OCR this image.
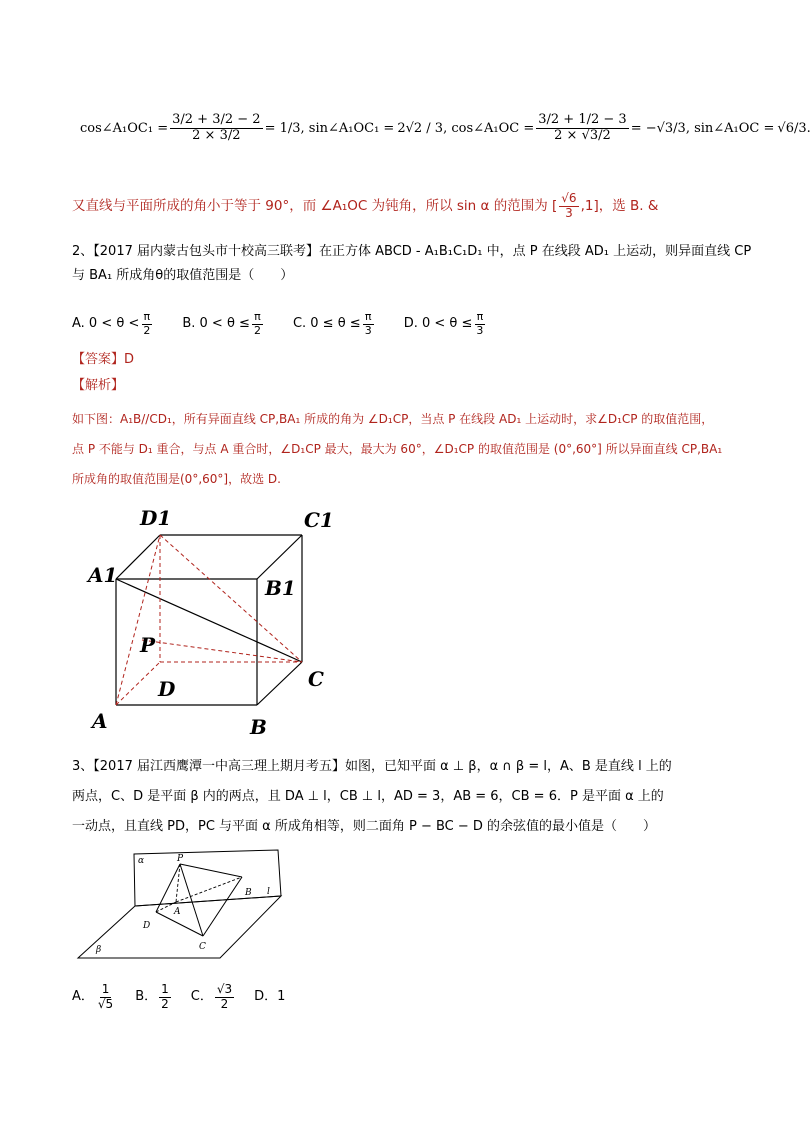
cos∠A₁OC₁ = $\frac{3/2 + 3/2 - 2}{2 \times 3/2} = 1/3$ , sin∠A₁OC₁ = 2√2 / 3 , cos∠A₁OC = $\frac{3/2 + 1/2 - 3}{2 \times √3/2} = -√3/3$ , sin∠A₁OC = √6/3 .
又直线与平面所成的角小于等于 90°，而 ∠A₁OC 为钝角，所以 sin α 的范围为 [ $\frac{√6}{3} ,1$]，选 B. &
2、【2017 届内蒙古包头市十校高三联考】在正方体 ABCD - A₁B₁C₁D₁ 中，点 P 在线段 AD₁ 上运动，则异面直线 CP
与 BA₁ 所成角θ的取值范围是（　　）
A. $0 < \theta < \frac{\pi}{2} B$. $0 < \theta \le \frac{\pi}{2} C$. $0 \le \theta \le \frac{\pi}{3} D$. $0 < \theta \le \frac{\pi}{3}$
【答案】D
【解析】
如下图：A₁B//CD₁，所有异面直线 CP,BA₁ 所成的角为 ∠D₁CP，当点 P 在线段 AD₁ 上运动时，求∠D₁CP 的取值范围，
点 P 不能与 D₁ 重合，与点 A 重合时，∠D₁CP 最大，最大为 60°，∠D₁CP 的取值范围是 (0°,60°] 所以异面直线 CP,BA₁
所成角的取值范围是(0°,60°]，故选 D.
D1	C1
A1
B1
P
D	C
A	B
3、【2017 届江西鹰潭一中高三理上期月考五】如图，已知平面 α ⊥ β，α ∩ β = l，A、B 是直线 l 上的
两点，C、D 是平面 β 内的两点，且 DA ⊥ l，CB ⊥ l，AD = 3，AB = 6，CB = 6．P 是平面 α 上的
一动点，且直线 PD，PC 与平面 α 所成角相等，则二面角 P − BC − D 的余弦值的最小值是（　　）
α
β
P
A
B
C
D
l
A． $\frac{1}{√5}$ B． $\frac{1}{2}$ C． $\frac{√3}{2}$ D． 1
